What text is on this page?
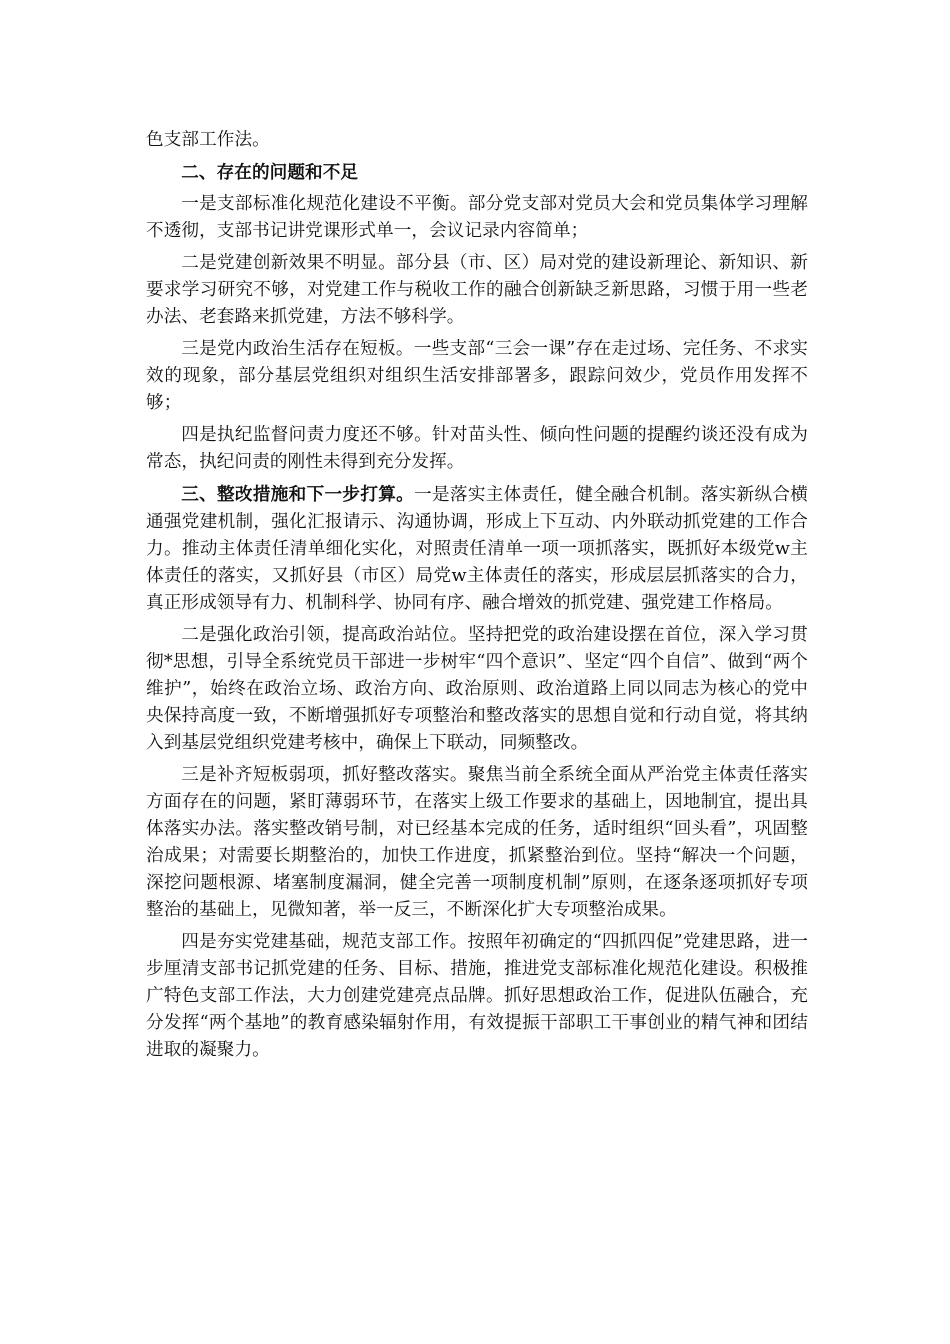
色支部工作法。

二、存在的问题和不足

一是支部标准化规范化建设不平衡。部分党支部对党员大会和党员集体学习理解不透彻，支部书记讲党课形式单一，会议记录内容简单；

二是党建创新效果不明显。部分县（市、区）局对党的建设新理论、新知识、新要求学习研究不够，对党建工作与税收工作的融合创新缺乏新思路，习惯于用一些老办法、老套路来抓党建，方法不够科学。

三是党内政治生活存在短板。一些支部“三会一课”存在走过场、完任务、不求实效的现象，部分基层党组织对组织生活安排部署多，跟踪问效少，党员作用发挥不够；

四是执纪监督问责力度还不够。针对苗头性、倾向性问题的提醒约谈还没有成为常态，执纪问责的刚性未得到充分发挥。

三、整改措施和下一步打算。一是落实主体责任，健全融合机制。落实新纵合横通强党建机制，强化汇报请示、沟通协调，形成上下互动、内外联动抓党建的工作合力。推动主体责任清单细化实化，对照责任清单一项一项抓落实，既抓好本级党w主体责任的落实，又抓好县（市区）局党w主体责任的落实，形成层层抓落实的合力，真正形成领导有力、机制科学、协同有序、融合增效的抓党建、强党建工作格局。

二是强化政治引领，提高政治站位。坚持把党的政治建设摆在首位，深入学习贯彻*思想，引导全系统党员干部进一步树牢“四个意识”、坚定“四个自信”、做到“两个维护”，始终在政治立场、政治方向、政治原则、政治道路上同以同志为核心的党中央保持高度一致，不断增强抓好专项整治和整改落实的思想自觉和行动自觉，将其纳入到基层党组织党建考核中，确保上下联动，同频整改。

三是补齐短板弱项，抓好整改落实。聚焦当前全系统全面从严治党主体责任落实方面存在的问题，紧盯薄弱环节，在落实上级工作要求的基础上，因地制宜，提出具体落实办法。落实整改销号制，对已经基本完成的任务，适时组织“回头看”，巩固整治成果；对需要长期整治的，加快工作进度，抓紧整治到位。坚持“解决一个问题，深挖问题根源、堵塞制度漏洞，健全完善一项制度机制”原则，在逐条逐项抓好专项整治的基础上，见微知著，举一反三，不断深化扩大专项整治成果。

四是夯实党建基础，规范支部工作。按照年初确定的“四抓四促”党建思路，进一步厘清支部书记抓党建的任务、目标、措施，推进党支部标准化规范化建设。积极推广特色支部工作法，大力创建党建亮点品牌。抓好思想政治工作，促进队伍融合，充分发挥“两个基地”的教育感染辐射作用，有效提振干部职工干事创业的精气神和团结进取的凝聚力。
